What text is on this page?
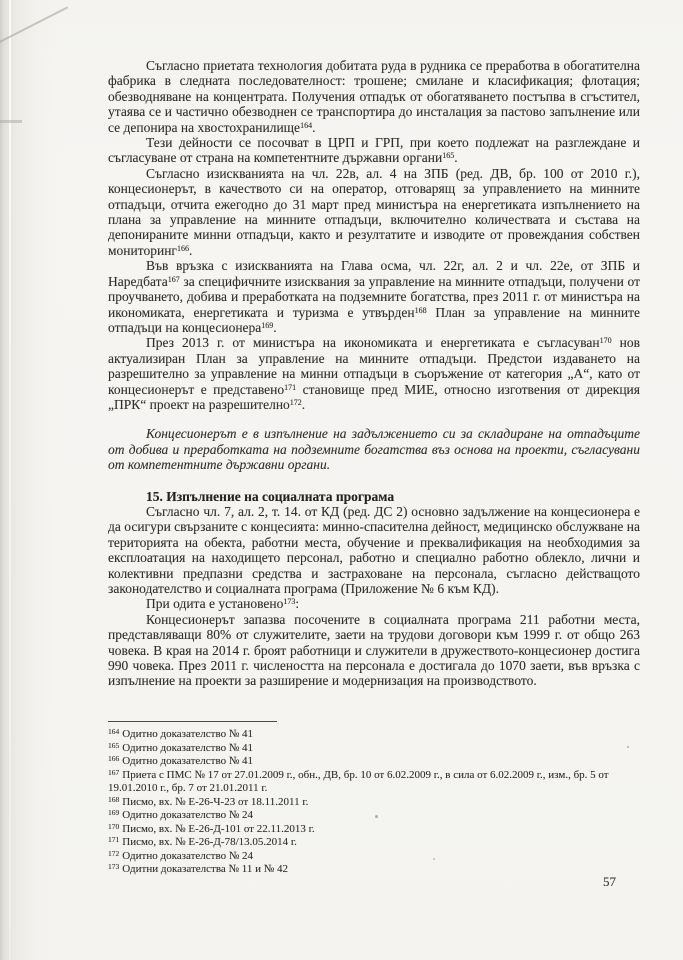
Съгласно приетата технология добитата руда в рудника се преработва в обогатителна фабрика в следната последователност: трошене; смилане и класификация; флотация; обезводняване на концентрата. Получения отпадък от обогатяването постъпва в сгъстител, утаява се и частично обезводнен се транспортира до инсталация за пастово запълнение или се депонира на хвостохранилище$^{164}$.

Тези дейности се посочват в ЦРП и ГРП, при което подлежат на разглеждане и съгласуване от страна на компетентните държавни органи$^{165}$.

Съгласно изискванията на чл. 22в, ал. 4 на ЗПБ (ред. ДВ, бр. 100 от 2010 г.), концесионерът, в качеството си на оператор, отговарящ за управлението на минните отпадъци, отчита ежегодно до 31 март пред министъра на енергетиката изпълнението на плана за управление на минните отпадъци, включително количествата и състава на депонираните минни отпадъци, както и резултатите и изводите от провеждания собствен мониторинг$^{166}$.

Във връзка с изискванията на Глава осма, чл. 22г, ал. 2 и чл. 22е, от ЗПБ и Наредбата$^{167}$ за специфичните изисквания за управление на минните отпадъци, получени от проучването, добива и преработката на подземните богатства, през 2011 г. от министъра на икономиката, енергетиката и туризма е утвърден$^{168}$ План за управление на минните отпадъци на концесионера$^{169}$.

През 2013 г. от министъра на икономиката и енергетиката е съгласуван$^{170}$ нов актуализиран План за управление на минните отпадъци. Предстои издаването на разрешително за управление на минни отпадъци в съоръжение от категория „А“, като от концесионерът е представено$^{171}$ становище пред МИЕ, относно изготвения от дирекция „ПРК“ проект на разрешително$^{172}$.

Концесионерът е в изпълнение на задължението си за складиране на отпадъците от добива и преработката на подземните богатства въз основа на проекти, съгласувани от компетентните държавни органи.

15. Изпълнение на социалната програма

Съгласно чл. 7, ал. 2, т. 14. от КД (ред. ДС 2) основно задължение на концесионера е да осигури свързаните с концесията: минно-спасителна дейност, медицинско обслужване на територията на обекта, работни места, обучение и преквалификация на необходимия за експлоатация на находището персонал, работно и специално работно облекло, лични и колективни предпазни средства и застраховане на персонала, съгласно действащото законодателство и социалната програма (Приложение № 6 към КД).

При одита е установено$^{173}$:

Концесионерът запазва посочените в социалната програма 211 работни места, представляващи 80% от служителите, заети на трудови договори към 1999 г. от общо 263 човека. В края на 2014 г. броят работници и служители в дружеството-концесионер достига 990 човека. През 2011 г. числеността на персонала е достигала до 1070 заети, във връзка с изпълнение на проекти за разширение и модернизация на производството.

$^{164}$ Одитно доказателство № 41

$^{165}$ Одитно доказателство № 41

$^{166}$ Одитно доказателство № 41

$^{167}$ Приета с ПМС № 17 от 27.01.2009 г., обн., ДВ, бр. 10 от 6.02.2009 г., в сила от 6.02.2009 г., изм., бр. 5 от 19.01.2010 г., бр. 7 от 21.01.2011 г.

$^{168}$ Писмо, вх. № Е-26-Ч-23 от 18.11.2011 г.

$^{169}$ Одитно доказателство № 24

$^{170}$ Писмо, вх. № Е-26-Д-101 от 22.11.2013 г.

$^{171}$ Писмо, вх. № Е-26-Д-78/13.05.2014 г.

$^{172}$ Одитно доказателство № 24

$^{173}$ Одитни доказателства № 11 и № 42

57
